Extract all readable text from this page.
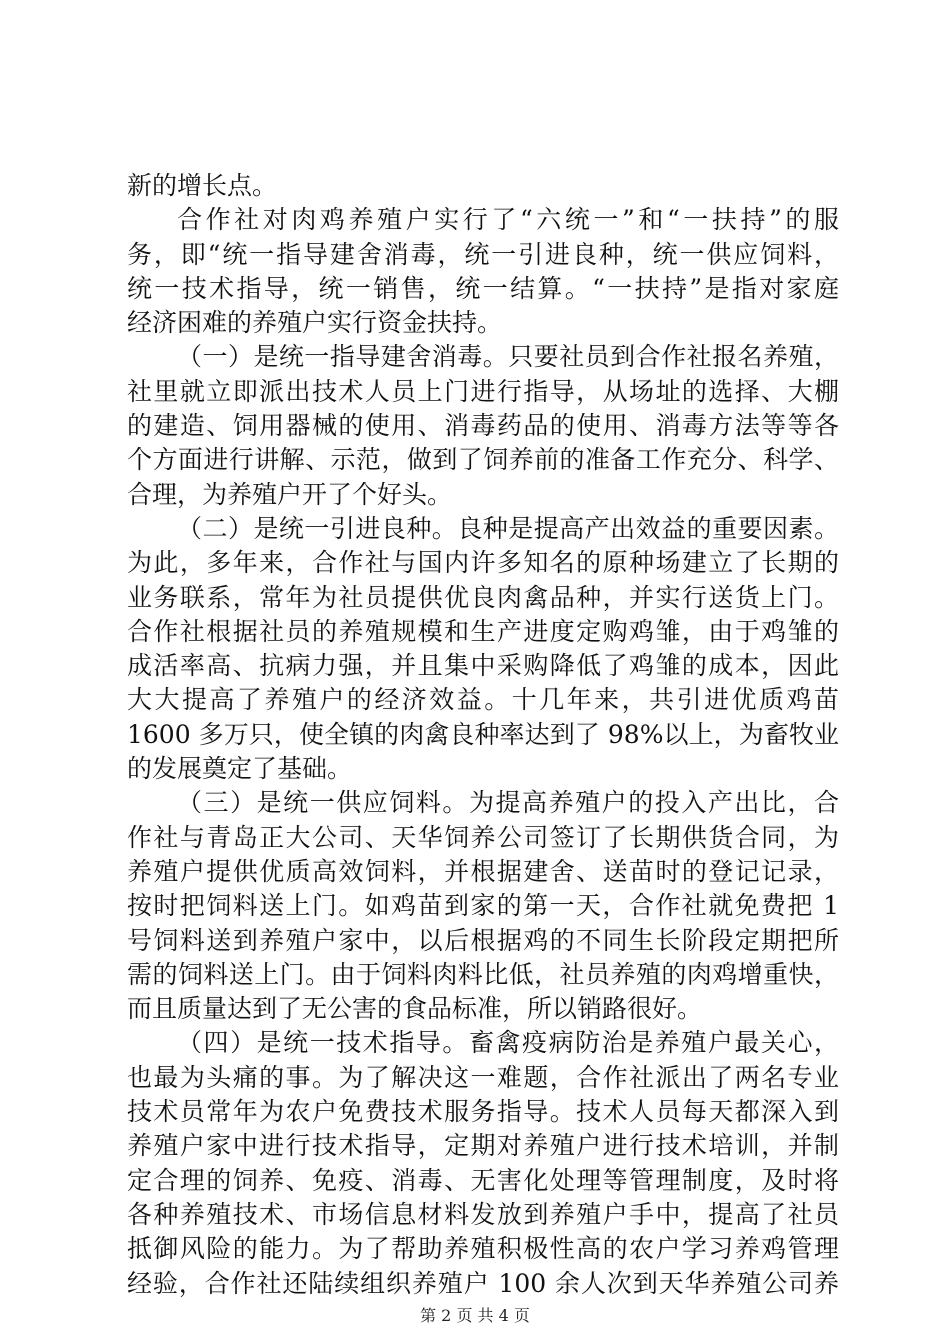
新的增长点。
合作社对肉鸡养殖户实行了“六统一”和“一扶持”的服
务，即“统一指导建舍消毒，统一引进良种，统一供应饲料，
统一技术指导，统一销售，统一结算。“一扶持”是指对家庭
经济困难的养殖户实行资金扶持。
（一）是统一指导建舍消毒。只要社员到合作社报名养殖，
社里就立即派出技术人员上门进行指导，从场址的选择、大棚
的建造、饲用器械的使用、消毒药品的使用、消毒方法等等各
个方面进行讲解、示范，做到了饲养前的准备工作充分、科学、
合理，为养殖户开了个好头。
（二）是统一引进良种。良种是提高产出效益的重要因素。
为此，多年来，合作社与国内许多知名的原种场建立了长期的
业务联系，常年为社员提供优良肉禽品种，并实行送货上门。
合作社根据社员的养殖规模和生产进度定购鸡雏，由于鸡雏的
成活率高、抗病力强，并且集中采购降低了鸡雏的成本，因此
大大提高了养殖户的经济效益。十几年来，共引进优质鸡苗
1600 多万只，使全镇的肉禽良种率达到了 98%以上，为畜牧业
的发展奠定了基础。
（三）是统一供应饲料。为提高养殖户的投入产出比，合
作社与青岛正大公司、天华饲养公司签订了长期供货合同，为
养殖户提供优质高效饲料，并根据建舍、送苗时的登记记录，
按时把饲料送上门。如鸡苗到家的第一天，合作社就免费把 1
号饲料送到养殖户家中，以后根据鸡的不同生长阶段定期把所
需的饲料送上门。由于饲料肉料比低，社员养殖的肉鸡增重快，
而且质量达到了无公害的食品标准，所以销路很好。
（四）是统一技术指导。畜禽疫病防治是养殖户最关心，
也最为头痛的事。为了解决这一难题，合作社派出了两名专业
技术员常年为农户免费技术服务指导。技术人员每天都深入到
养殖户家中进行技术指导，定期对养殖户进行技术培训，并制
定合理的饲养、免疫、消毒、无害化处理等管理制度，及时将
各种养殖技术、市场信息材料发放到养殖户手中，提高了社员
抵御风险的能力。为了帮助养殖积极性高的农户学习养鸡管理
经验，合作社还陆续组织养殖户 100 余人次到天华养殖公司养
第 2 页 共 4 页
